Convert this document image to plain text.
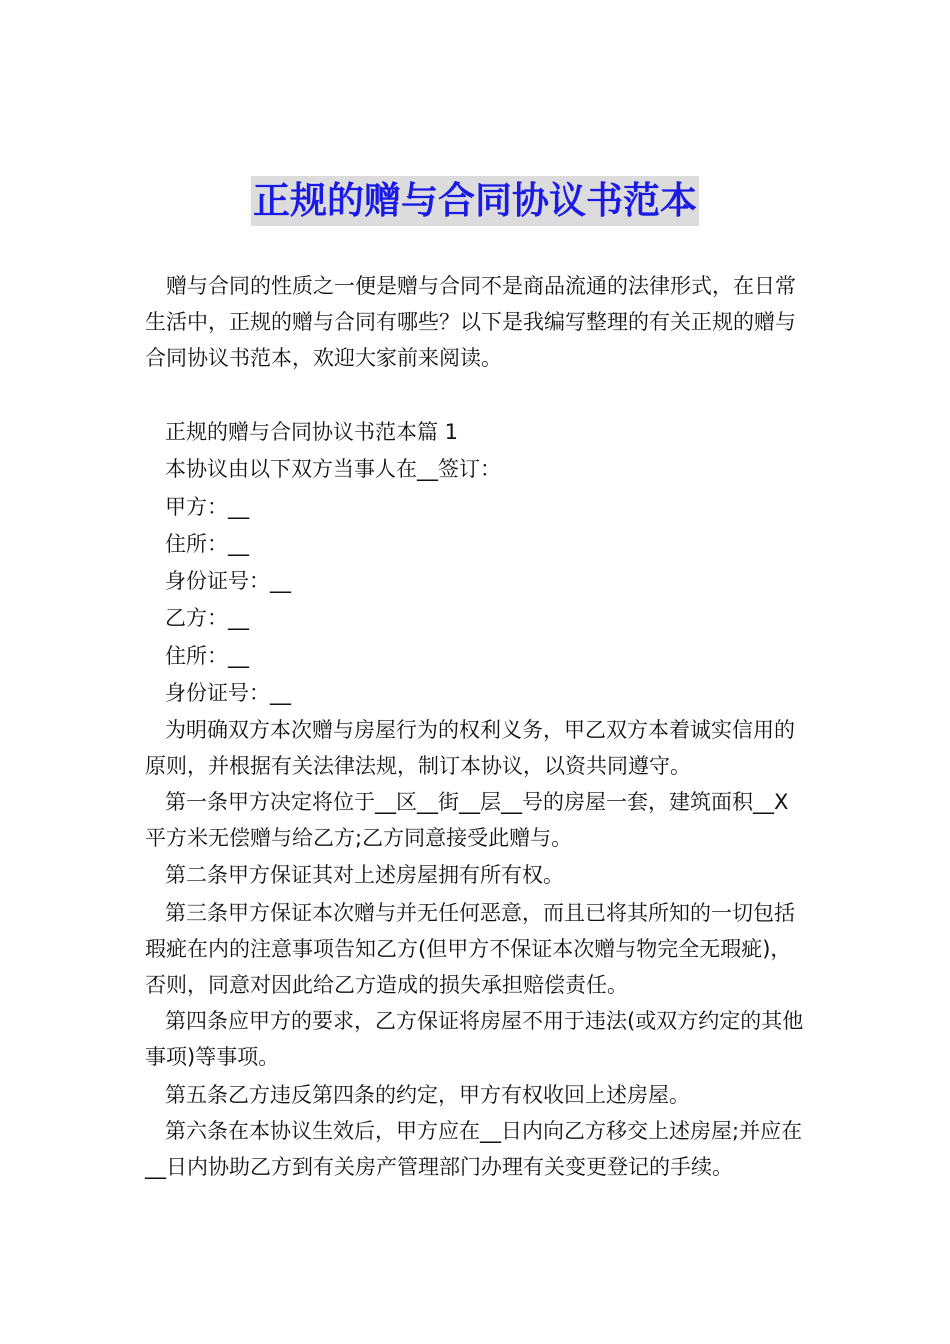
正规的赠与合同协议书范本

赠与合同的性质之一便是赠与合同不是商品流通的法律形式，在日常生活中，正规的赠与合同有哪些？以下是我编写整理的有关正规的赠与合同协议书范本，欢迎大家前来阅读。

正规的赠与合同协议书范本篇 1

本协议由以下双方当事人在__签订：

甲方：__

住所：__

身份证号：__

乙方：__

住所：__

身份证号：__

为明确双方本次赠与房屋行为的权利义务，甲乙双方本着诚实信用的原则，并根据有关法律法规，制订本协议，以资共同遵守。

第一条甲方决定将位于__区__街__层__号的房屋一套，建筑面积__X 平方米无偿赠与给乙方;乙方同意接受此赠与。

第二条甲方保证其对上述房屋拥有所有权。

第三条甲方保证本次赠与并无任何恶意，而且已将其所知的一切包括瑕疵在内的注意事项告知乙方(但甲方不保证本次赠与物完全无瑕疵)，否则，同意对因此给乙方造成的损失承担赔偿责任。

第四条应甲方的要求，乙方保证将房屋不用于违法(或双方约定的其他事项)等事项。

第五条乙方违反第四条的约定，甲方有权收回上述房屋。

第六条在本协议生效后，甲方应在__日内向乙方移交上述房屋;并应在__日内协助乙方到有关房产管理部门办理有关变更登记的手续。
